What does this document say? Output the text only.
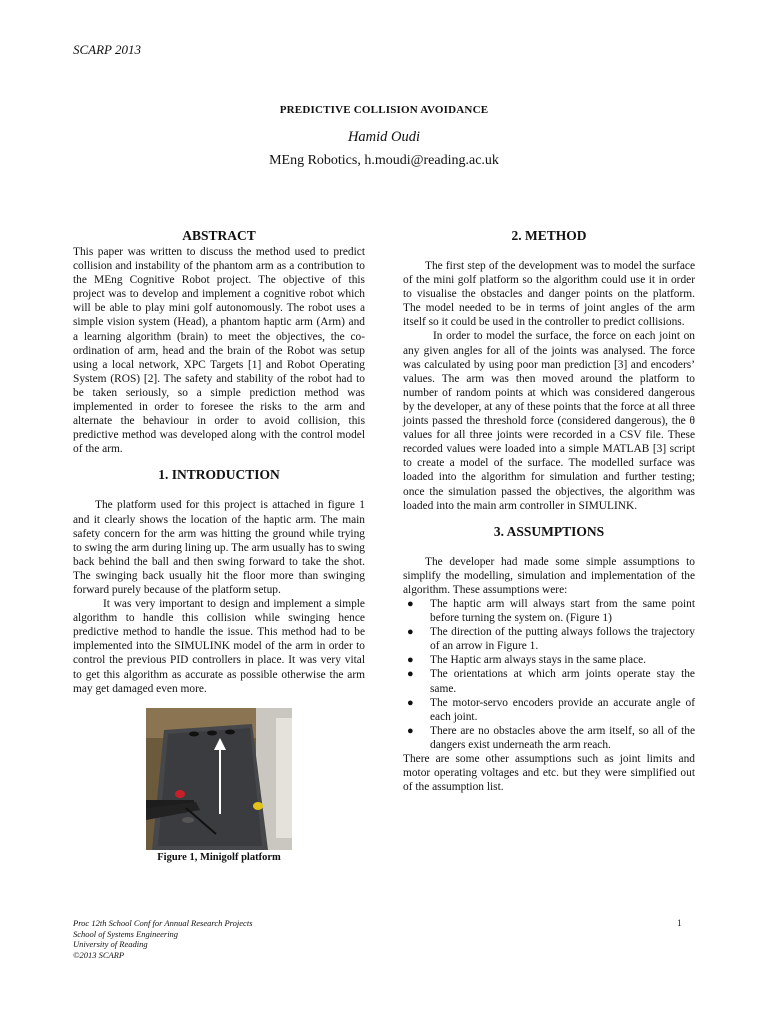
SCARP 2013
PREDICTIVE COLLISION AVOIDANCE
Hamid Oudi
MEng Robotics, h.moudi@reading.ac.uk
ABSTRACT

This paper was written to discuss the method used to predict collision and instability of the phantom arm as a contribution to the MEng Cognitive Robot project. The objective of this project was to develop and implement a cognitive robot which will be able to play mini golf autonomously. The robot uses a simple vision system (Head), a phantom haptic arm (Arm) and a learning algorithm (brain) to meet the objectives, the co-ordination of arm, head and the brain of the Robot was setup using a local network, XPC Targets [1] and Robot Operating System (ROS) [2]. The safety and stability of the robot had to be taken seriously, so a simple prediction method was implemented in order to foresee the risks to the arm and alternate the behaviour in order to avoid collision, this predictive method was developed along with the control model of the arm.

1. INTRODUCTION

The platform used for this project is attached in figure 1 and it clearly shows the location of the haptic arm. The main safety concern for the arm was hitting the ground while trying to swing the arm during lining up. The arm usually has to swing back behind the ball and then swing forward to take the shot. The swinging back usually hit the floor more than swinging forward purely because of the platform setup.

It was very important to design and implement a simple algorithm to handle this collision while swinging hence predictive method to handle the issue. This method had to be implemented into the SIMULINK model of the arm in order to control the previous PID controllers in place. It was very vital to get this algorithm as accurate as possible otherwise the arm may get damaged even more.

Figure 1, Minigolf platform
2. METHOD

The first step of the development was to model the surface of the mini golf platform so the algorithm could use it in order to visualise the obstacles and danger points on the platform. The model needed to be in terms of joint angles of the arm itself so it could be used in the controller to predict collisions.

In order to model the surface, the force on each joint on any given angles for all of the joints was analysed. The force was calculated by using poor man prediction [3] and encoders’ values. The arm was then moved around the platform to number of random points at which was considered dangerous by the developer, at any of these points that the force at all three joints passed the threshold force (considered dangerous), the θ values for all three joints were recorded in a CSV file. These recorded values were loaded into a simple MATLAB [3] script to create a model of the surface. The modelled surface was loaded into the algorithm for simulation and further testing; once the simulation passed the objectives, the algorithm was loaded into the main arm controller in SIMULINK.

3. ASSUMPTIONS

The developer had made some simple assumptions to simplify the modelling, simulation and implementation of the algorithm. These assumptions were:

● The haptic arm will always start from the same point before turning the system on. (Figure 1)
● The direction of the putting always follows the trajectory of an arrow in Figure 1.
● The Haptic arm always stays in the same place.
● The orientations at which arm joints operate stay the same.
● The motor-servo encoders provide an accurate angle of each joint.
● There are no obstacles above the arm itself, so all of the dangers exist underneath the arm reach.

There are some other assumptions such as joint limits and motor operating voltages and etc. but they were simplified out of the assumption list.

Proc 12th School Conf for Annual Research Projects
School of Systems Engineering
University of Reading
©2013 SCARP
1
